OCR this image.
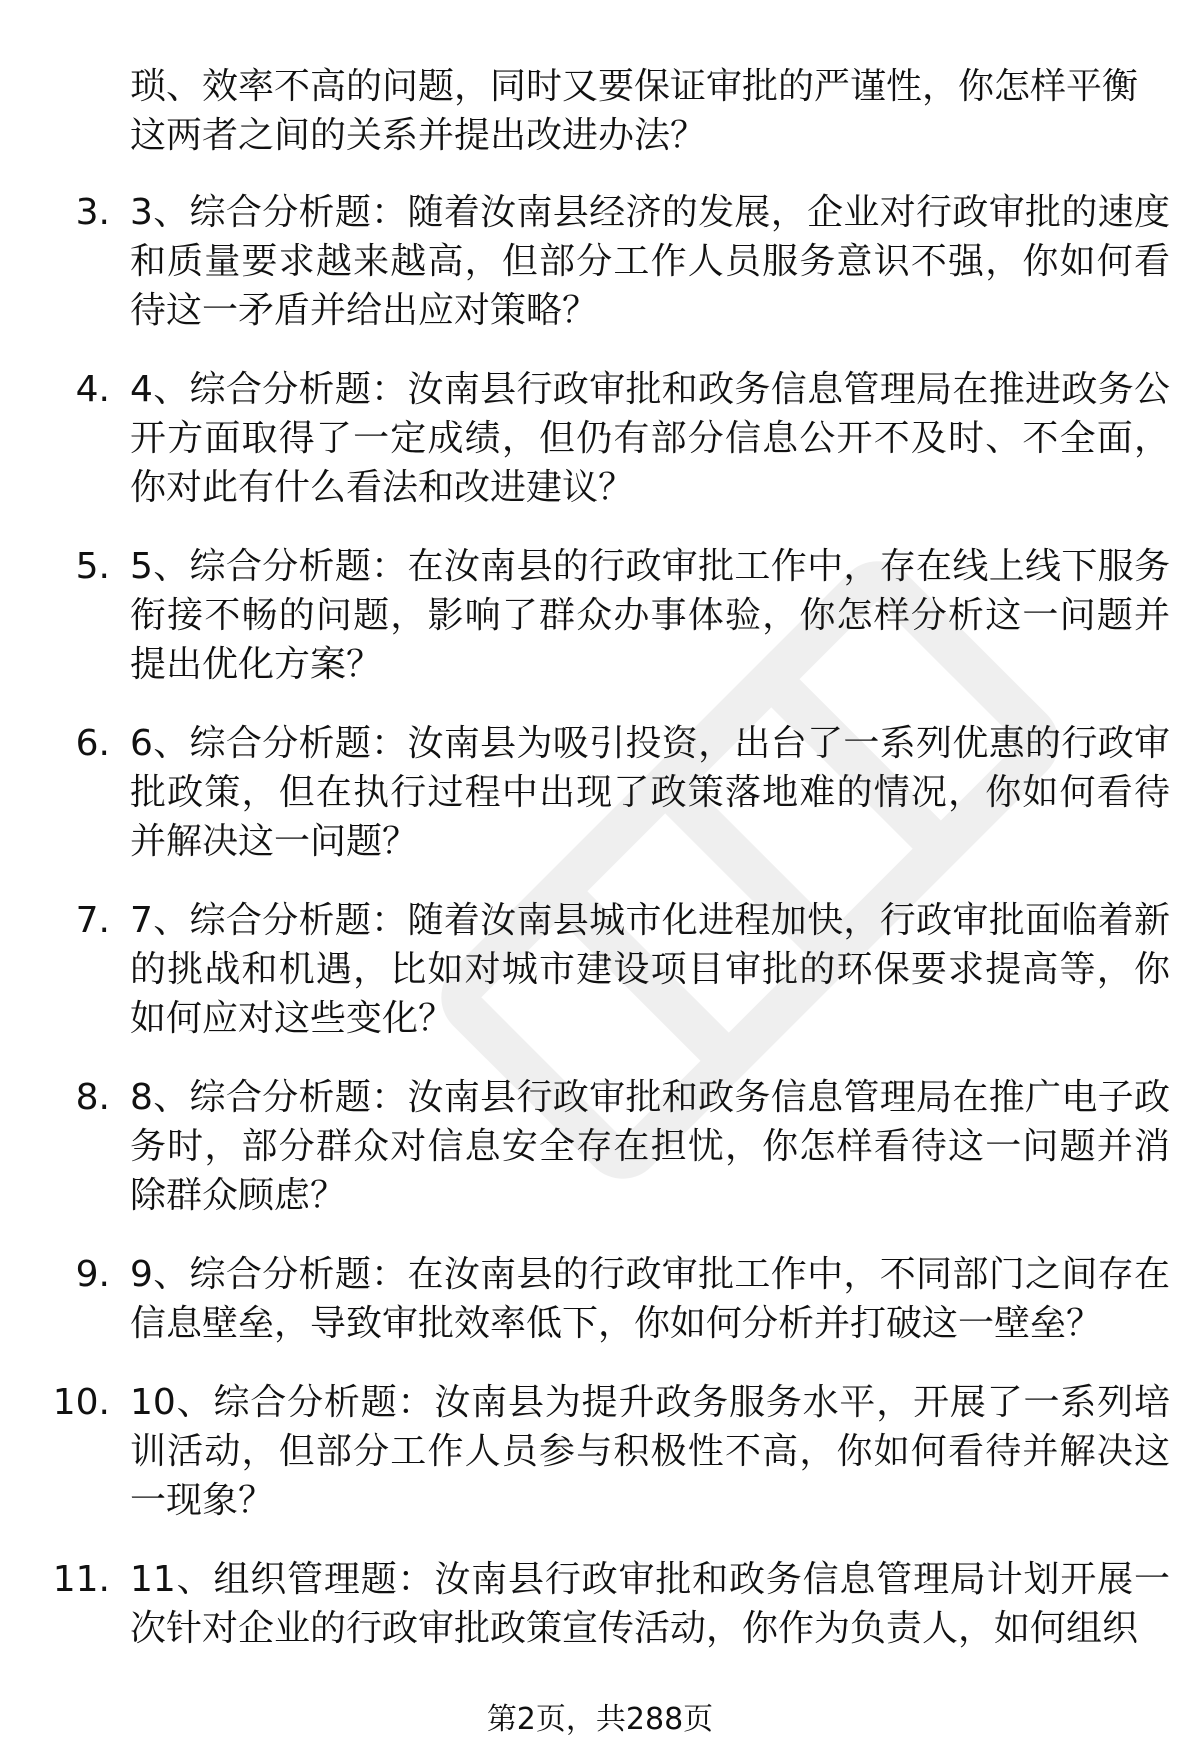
琐、效率不高的问题，同时又要保证审批的严谨性，你怎样平衡这两者之间的关系并提出改进办法？
3. 3、综合分析题：随着汝南县经济的发展，企业对行政审批的速度和质量要求越来越高，但部分工作人员服务意识不强，你如何看待这一矛盾并给出应对策略？
4. 4、综合分析题：汝南县行政审批和政务信息管理局在推进政务公开方面取得了一定成绩，但仍有部分信息公开不及时、不全面，你对此有什么看法和改进建议？
5. 5、综合分析题：在汝南县的行政审批工作中，存在线上线下服务衔接不畅的问题，影响了群众办事体验，你怎样分析这一问题并提出优化方案？
6. 6、综合分析题：汝南县为吸引投资，出台了一系列优惠的行政审批政策，但在执行过程中出现了政策落地难的情况，你如何看待并解决这一问题？
7. 7、综合分析题：随着汝南县城市化进程加快，行政审批面临着新的挑战和机遇，比如对城市建设项目审批的环保要求提高等，你如何应对这些变化？
8. 8、综合分析题：汝南县行政审批和政务信息管理局在推广电子政务时，部分群众对信息安全存在担忧，你怎样看待这一问题并消除群众顾虑？
9. 9、综合分析题：在汝南县的行政审批工作中，不同部门之间存在信息壁垒，导致审批效率低下，你如何分析并打破这一壁垒？
10. 10、综合分析题：汝南县为提升政务服务水平，开展了一系列培训活动，但部分工作人员参与积极性不高，你如何看待并解决这一现象？
11. 11、组织管理题：汝南县行政审批和政务信息管理局计划开展一次针对企业的行政审批政策宣传活动，你作为负责人，如何组织
第2页，共288页
